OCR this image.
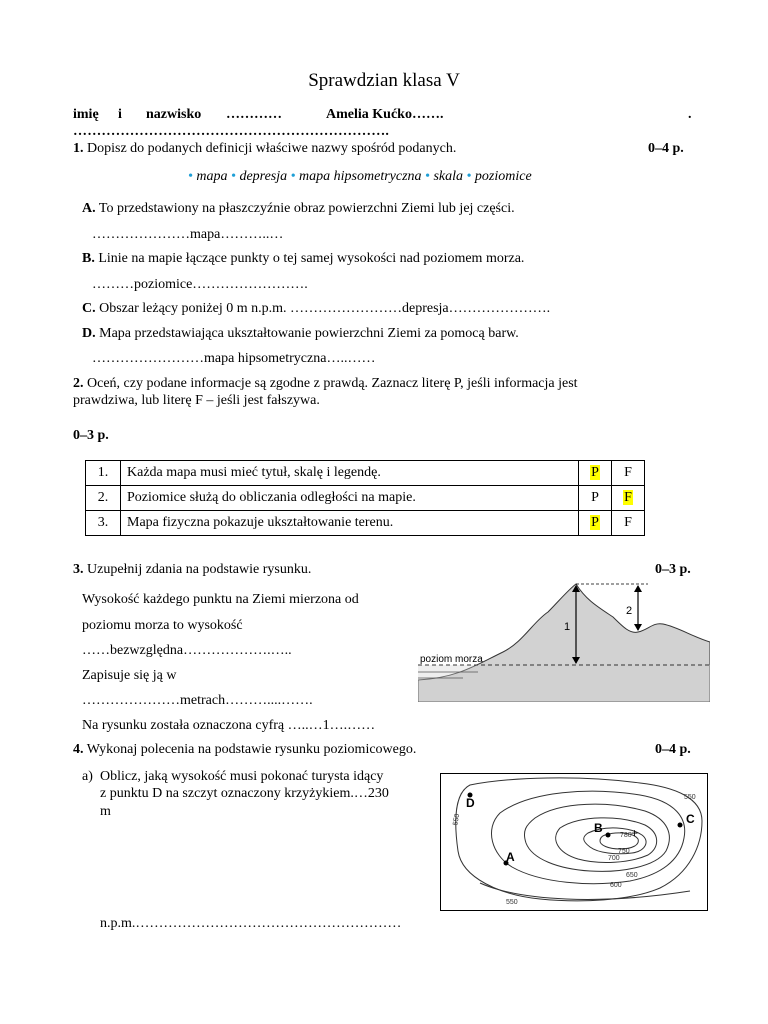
Sprawdzian klasa V
imię i nazwisko …………	Amelia Kućko…….	.
………………………………………………………….
1. Dopisz do podanych definicji właściwe nazwy spośród podanych.	0–4 p.
• mapa • depresja • mapa hipsometryczna • skala • poziomice
A. To przedstawiony na płaszczyźnie obraz powierzchni Ziemi lub jej części.
…………………mapa………..…
B. Linie na mapie łączące punkty o tej samej wysokości nad poziomem morza.
………poziomice…………………….
C. Obszar leżący poniżej 0 m n.p.m. ……………………depresja………………….
D. Mapa przedstawiająca ukształtowanie powierzchni Ziemi za pomocą barw.
……………………mapa hipsometryczna…..……
2. Oceń, czy podane informacje są zgodne z prawdą. Zaznacz literę P, jeśli informacja jest
prawdziwa, lub literę F – jeśli jest fałszywa.
0–3 p.
1.	Każda mapa musi mieć tytuł, skalę i legendę.	P	F
2.	Poziomice służą do obliczania odległości na mapie.	P	F
3.	Mapa fizyczna pokazuje ukształtowanie terenu.	P	F
3. Uzupełnij zdania na podstawie rysunku.	0–3 p.
Wysokość każdego punktu na Ziemi mierzona od
poziomu morza to wysokość
……bezwzględna……………….…..
Zapisuje się ją w
…………………metrach………....…….
Na rysunku została oznaczona cyfrą …..…1….……
poziom morza
1
2
4. Wykonaj polecenia na podstawie rysunku poziomicowego.	0–4 p.
a) Oblicz, jaką wysokość musi pokonać turysta idący
z punktu D na szczyt oznaczony krzyżykiem.…230
m
n.p.m.…………………………………………………
+
D
A
B
C
550
550
550
600
650
700
750
780
